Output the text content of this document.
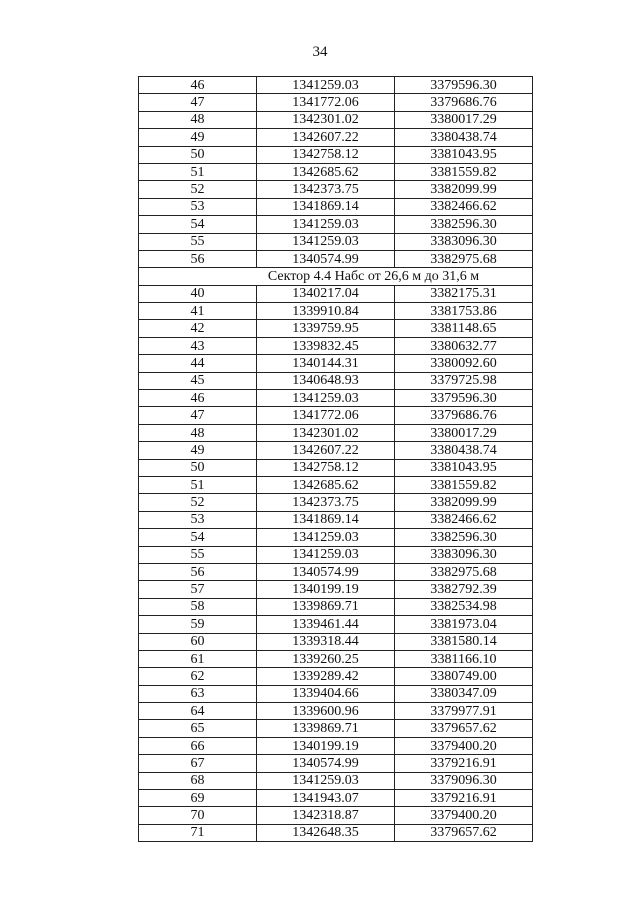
34
46	1341259.03	3379596.30
47	1341772.06	3379686.76
48	1342301.02	3380017.29
49	1342607.22	3380438.74
50	1342758.12	3381043.95
51	1342685.62	3381559.82
52	1342373.75	3382099.99
53	1341869.14	3382466.62
54	1341259.03	3382596.30
55	1341259.03	3383096.30
56	1340574.99	3382975.68
Сектор 4.4 Набс от 26,6 м до 31,6 м		
40	1340217.04	3382175.31
41	1339910.84	3381753.86
42	1339759.95	3381148.65
43	1339832.45	3380632.77
44	1340144.31	3380092.60
45	1340648.93	3379725.98
46	1341259.03	3379596.30
47	1341772.06	3379686.76
48	1342301.02	3380017.29
49	1342607.22	3380438.74
50	1342758.12	3381043.95
51	1342685.62	3381559.82
52	1342373.75	3382099.99
53	1341869.14	3382466.62
54	1341259.03	3382596.30
55	1341259.03	3383096.30
56	1340574.99	3382975.68
57	1340199.19	3382792.39
58	1339869.71	3382534.98
59	1339461.44	3381973.04
60	1339318.44	3381580.14
61	1339260.25	3381166.10
62	1339289.42	3380749.00
63	1339404.66	3380347.09
64	1339600.96	3379977.91
65	1339869.71	3379657.62
66	1340199.19	3379400.20
67	1340574.99	3379216.91
68	1341259.03	3379096.30
69	1341943.07	3379216.91
70	1342318.87	3379400.20
71	1342648.35	3379657.62
